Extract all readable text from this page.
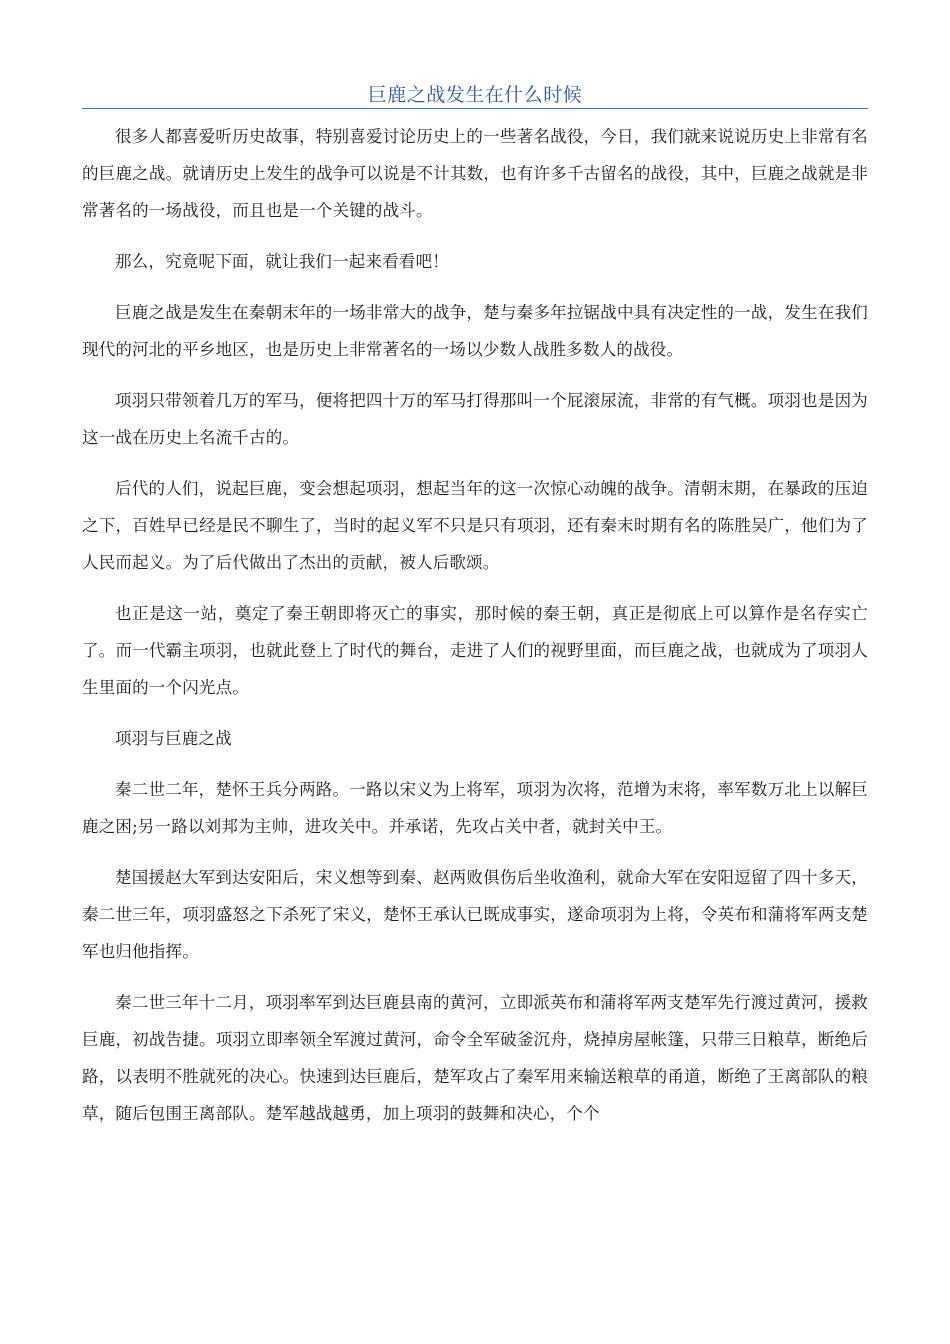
巨鹿之战发生在什么时候

很多人都喜爱听历史故事，特别喜爱讨论历史上的一些著名战役，今日，我们就来说说历史上非常有名的巨鹿之战。就请历史上发生的战争可以说是不计其数，也有许多千古留名的战役，其中，巨鹿之战就是非常著名的一场战役，而且也是一个关键的战斗。

那么，究竟呢下面，就让我们一起来看看吧！

巨鹿之战是发生在秦朝末年的一场非常大的战争，楚与秦多年拉锯战中具有决定性的一战，发生在我们现代的河北的平乡地区，也是历史上非常著名的一场以少数人战胜多数人的战役。

项羽只带领着几万的军马，便将把四十万的军马打得那叫一个屁滚尿流，非常的有气概。项羽也是因为这一战在历史上名流千古的。

后代的人们，说起巨鹿，变会想起项羽，想起当年的这一次惊心动魄的战争。清朝末期，在暴政的压迫之下，百姓早已经是民不聊生了，当时的起义军不只是只有项羽，还有秦末时期有名的陈胜吴广，他们为了人民而起义。为了后代做出了杰出的贡献，被人后歌颂。

也正是这一站，奠定了秦王朝即将灭亡的事实，那时候的秦王朝，真正是彻底上可以算作是名存实亡了。而一代霸主项羽，也就此登上了时代的舞台，走进了人们的视野里面，而巨鹿之战，也就成为了项羽人生里面的一个闪光点。

项羽与巨鹿之战

秦二世二年，楚怀王兵分两路。一路以宋义为上将军，项羽为次将，范增为末将，率军数万北上以解巨鹿之困;另一路以刘邦为主帅，进攻关中。并承诺，先攻占关中者，就封关中王。

楚国援赵大军到达安阳后，宋义想等到秦、赵两败俱伤后坐收渔利，就命大军在安阳逗留了四十多天，秦二世三年，项羽盛怒之下杀死了宋义，楚怀王承认已既成事实，遂命项羽为上将，令英布和蒲将军两支楚军也归他指挥。

秦二世三年十二月，项羽率军到达巨鹿县南的黄河，立即派英布和蒲将军两支楚军先行渡过黄河，援救巨鹿，初战告捷。项羽立即率领全军渡过黄河，命令全军破釜沉舟，烧掉房屋帐篷，只带三日粮草，断绝后路，以表明不胜就死的决心。快速到达巨鹿后，楚军攻占了秦军用来输送粮草的甬道，断绝了王离部队的粮草，随后包围王离部队。楚军越战越勇，加上项羽的鼓舞和决心，个个
